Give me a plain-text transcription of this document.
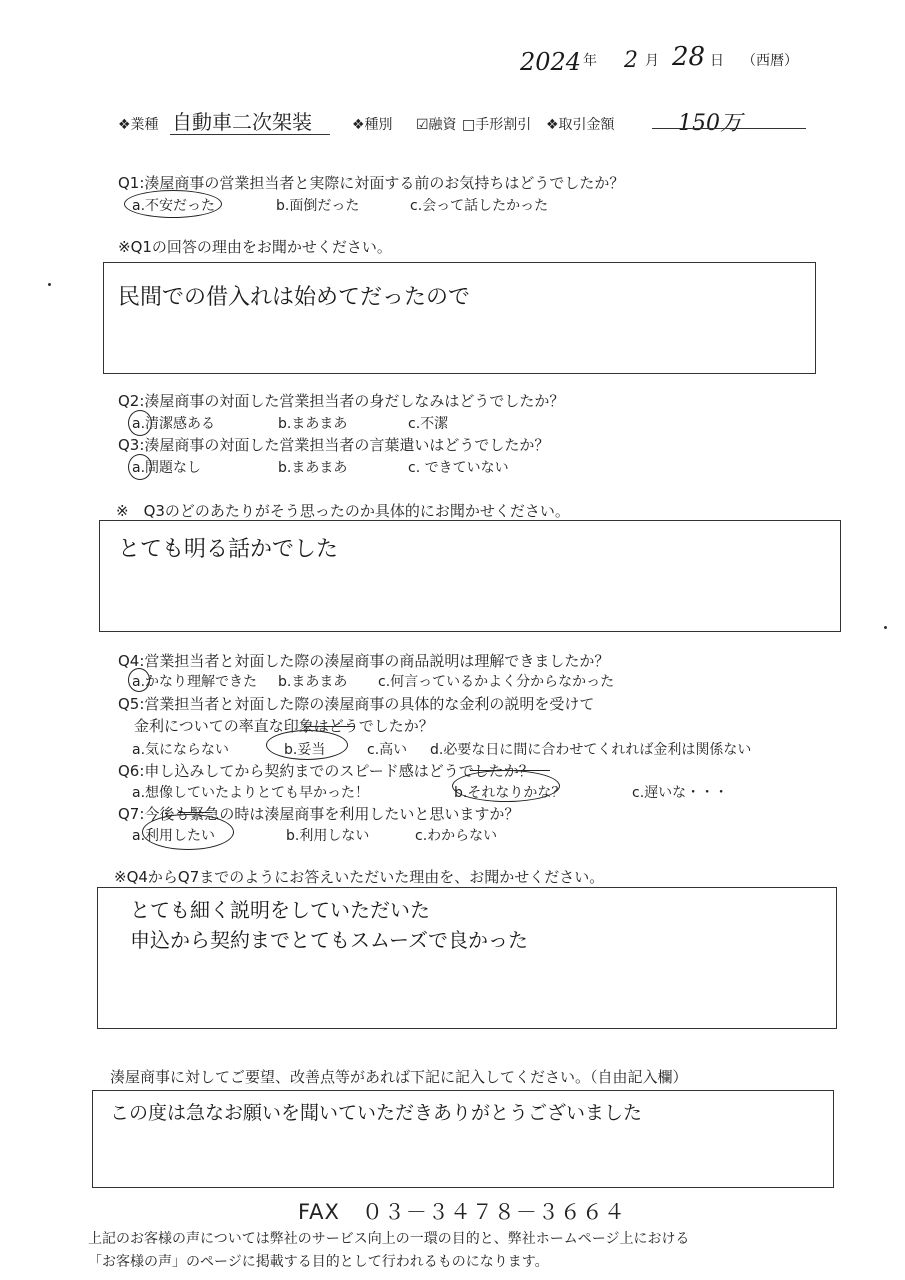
2024 年 2 月 28 日 （西暦）
❖業種 自動車二次架装	❖種別 ☑融資 □手形割引 ❖取引金額	150万
Q1:湊屋商事の営業担当者と実際に対面する前のお気持ちはどうでしたか？
a.不安だった	b.面倒だった	c.会って話したかった
※Q1の回答の理由をお聞かせください。
民間での借入れは始めてだったので
Q2:湊屋商事の対面した営業担当者の身だしなみはどうでしたか？
a.清潔感ある	b.まあまあ	c.不潔
Q3:湊屋商事の対面した営業担当者の言葉遣いはどうでしたか？
a.問題なし	b.まあまあ	c. できていない
※　Q3のどのあたりがそう思ったのか具体的にお聞かせください。
とても明る話かでした
Q4:営業担当者と対面した際の湊屋商事の商品説明は理解できましたか？
a.かなり理解できた b.まあまあ c.何言っているかよく分からなかった
Q5:営業担当者と対面した際の湊屋商事の具体的な金利の説明を受けて
金利についての率直な印象はどうでしたか？
a.気にならない	b.妥当	c.高い d.必要な日に間に合わせてくれれば金利は関係ない
Q6:申し込みしてから契約までのスピード感はどうでしたか？
a.想像していたよりとても早かった！	b.それなりかな？	c.遅いな・・・
Q7:今後も緊急の時は湊屋商事を利用したいと思いますか？
a.利用したい	b.利用しない	c.わからない
※Q4からQ7までのようにお答えいただいた理由を、お聞かせください。
とても細く説明をしていただいた
申込から契約までとてもスムーズで良かった
湊屋商事に対してご要望、改善点等があれば下記に記入してください。（自由記入欄）
この度は急なお願いを聞いていただきありがとうございました
FAX　０３－３４７８－３６６４
上記のお客様の声については弊社のサービス向上の一環の目的と、弊社ホームページ上における
「お客様の声」のページに掲載する目的として行われるものになります。
